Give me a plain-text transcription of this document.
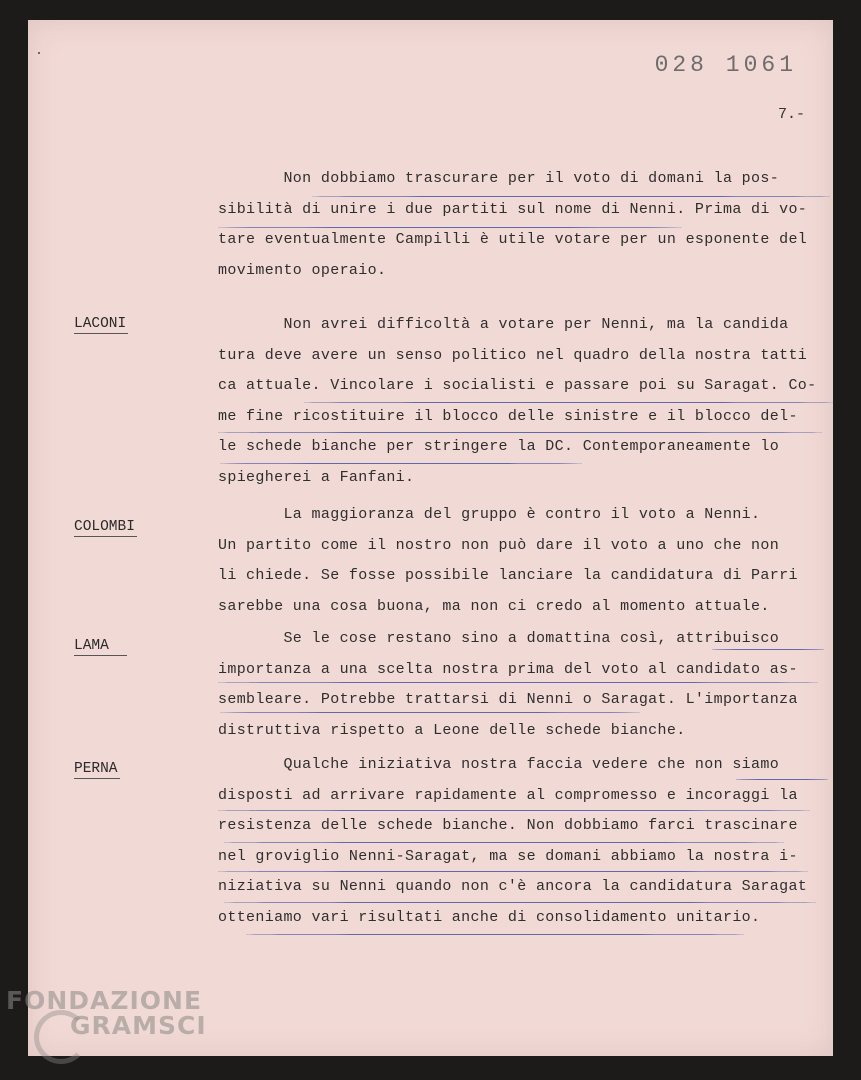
028 1061
7.-
Non dobbiamo trascurare per il voto di domani la pos-
sibilità di unire i due partiti sul nome di Nenni. Prima di vo-
tare eventualmente Campilli è utile votare per un esponente del
movimento operaio.
LACONI	Non avrei difficoltà a votare per Nenni, ma la candida
tura deve avere un senso politico nel quadro della nostra tatti
ca attuale. Vincolare i socialisti e passare poi su Saragat. Co-
me fine ricostituire il blocco delle sinistre e il blocco del-
le schede bianche per stringere la DC. Contemporaneamente lo
spiegherei a Fanfani.
COLOMBI
La maggioranza del gruppo è contro il voto a Nenni.
Un partito come il nostro non può dare il voto a uno che non
li chiede. Se fosse possibile lanciare la candidatura di Parri
sarebbe una cosa buona, ma non ci credo al momento attuale.
LAMA	Se le cose restano sino a domattina così, attribuisco
importanza a una scelta nostra prima del voto al candidato as-
sembleare. Potrebbe trattarsi di Nenni o Saragat. L'importanza
distruttiva rispetto a Leone delle schede bianche.
PERNA	Qualche iniziativa nostra faccia vedere che non siamo
disposti ad arrivare rapidamente al compromesso e incoraggi la
resistenza delle schede bianche. Non dobbiamo farci trascinare
nel groviglio Nenni-Saragat, ma se domani abbiamo la nostra i-
niziativa su Nenni quando non c'è ancora la candidatura Saragat
otteniamo vari risultati anche di consolidamento unitario.
FONDAZIONE
GRAMSCI
